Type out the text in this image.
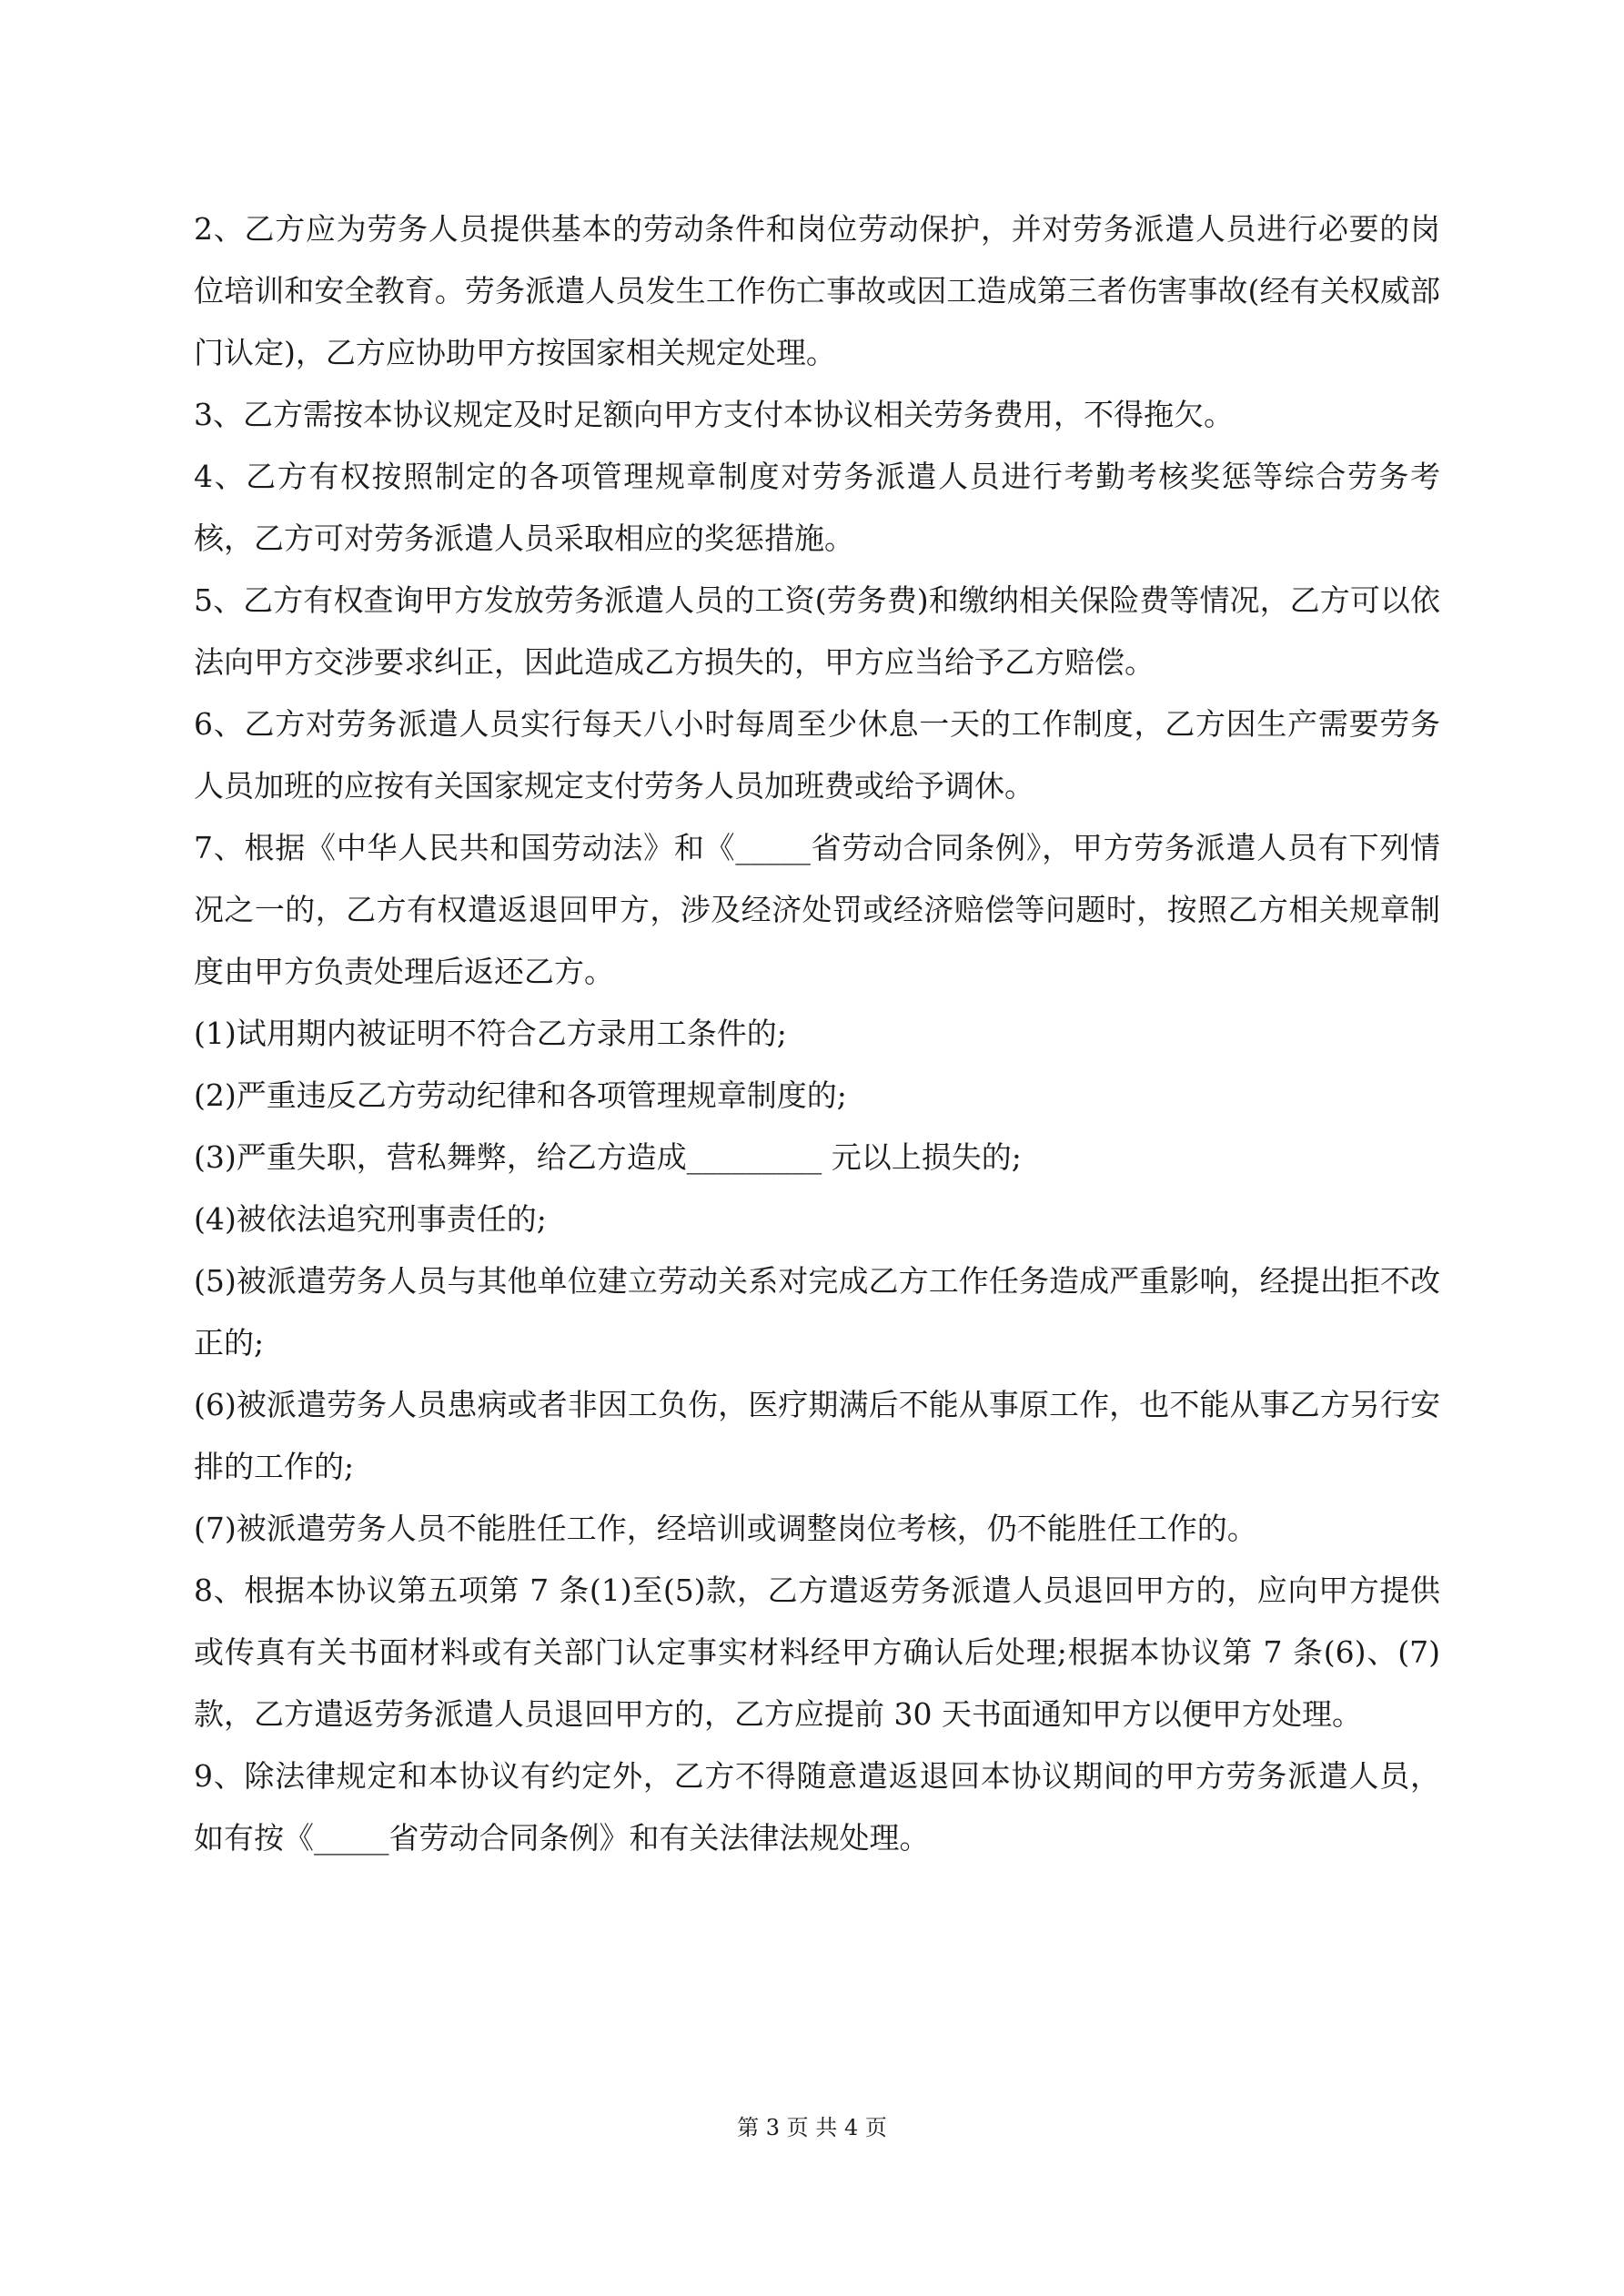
2、乙方应为劳务人员提供基本的劳动条件和岗位劳动保护，并对劳务派遣人员进行必要的岗位培训和安全教育。劳务派遣人员发生工作伤亡事故或因工造成第三者伤害事故(经有关权威部门认定)，乙方应协助甲方按国家相关规定处理。

3、乙方需按本协议规定及时足额向甲方支付本协议相关劳务费用，不得拖欠。

4、乙方有权按照制定的各项管理规章制度对劳务派遣人员进行考勤考核奖惩等综合劳务考核，乙方可对劳务派遣人员采取相应的奖惩措施。

5、乙方有权查询甲方发放劳务派遣人员的工资(劳务费)和缴纳相关保险费等情况，乙方可以依法向甲方交涉要求纠正，因此造成乙方损失的，甲方应当给予乙方赔偿。

6、乙方对劳务派遣人员实行每天八小时每周至少休息一天的工作制度，乙方因生产需要劳务人员加班的应按有关国家规定支付劳务人员加班费或给予调休。

7、根据《中华人民共和国劳动法》和《_____省劳动合同条例》，甲方劳务派遣人员有下列情况之一的，乙方有权遣返退回甲方，涉及经济处罚或经济赔偿等问题时，按照乙方相关规章制度由甲方负责处理后返还乙方。

(1)试用期内被证明不符合乙方录用工条件的;

(2)严重违反乙方劳动纪律和各项管理规章制度的;

(3)严重失职，营私舞弊，给乙方造成_________ 元以上损失的;

(4)被依法追究刑事责任的;

(5)被派遣劳务人员与其他单位建立劳动关系对完成乙方工作任务造成严重影响，经提出拒不改正的;

(6)被派遣劳务人员患病或者非因工负伤，医疗期满后不能从事原工作，也不能从事乙方另行安排的工作的;

(7)被派遣劳务人员不能胜任工作，经培训或调整岗位考核，仍不能胜任工作的。

8、根据本协议第五项第 7 条(1)至(5)款，乙方遣返劳务派遣人员退回甲方的，应向甲方提供或传真有关书面材料或有关部门认定事实材料经甲方确认后处理;根据本协议第 7 条(6)、(7)款，乙方遣返劳务派遣人员退回甲方的，乙方应提前 30 天书面通知甲方以便甲方处理。

9、除法律规定和本协议有约定外，乙方不得随意遣返退回本协议期间的甲方劳务派遣人员，如有按《_____省劳动合同条例》和有关法律法规处理。

第 3 页 共 4 页
